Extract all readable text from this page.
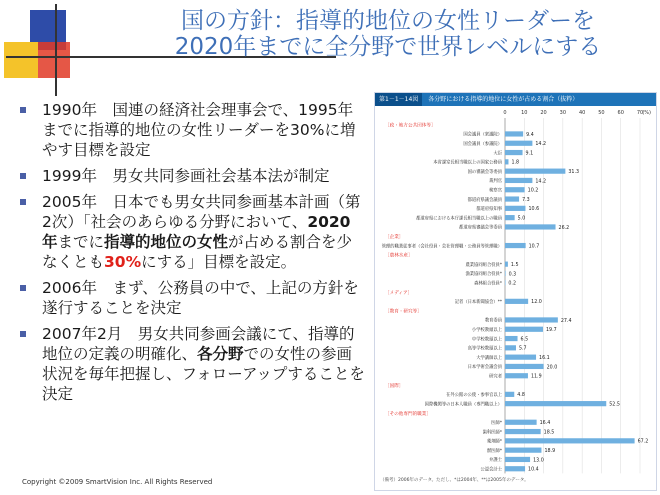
国の方針：指導的地位の女性リーダーを
2020年までに全分野で世界レベルにする
1990年　国連の経済社会理事会で、1995年までに指導的地位の女性リーダーを30%に増やす目標を設定
1999年　男女共同参画社会基本法が制定
2005年　日本でも男女共同参画基本計画（第2次）「社会のあらゆる分野において、2020年までに指導的地位の女性が占める割合を少なくとも30%にする」目標を設定。
2006年　まず、公務員の中で、上記の方針を遂行することを決定
2007年2月　男女共同参画会議にて、指導的地位の定義の明確化、各分野での女性の参画状況を毎年把握し、フォローアップすることを決定
Copyright ©2009 SmartVision Inc. All Rights Reserved
第1－1－14図 各分野における指導的地位に女性が占める割合（抜粋）
0	10	20	30	40	50	60	70 (%)
［政・地方公共団体等］
国会議員（衆議院）	9.4
国会議員（参議院）	14.2
大臣	9.1
本省課室長相当職以上の国家公務員 1.8
国の審議会等委員	31.3
裁判官	14.2
検察官	10.2
都道府県議会議員	7.3
都道府県知事	10.6
都道府県における本庁課長相当職以上の職員	5.0
都道府県審議会等委員	26.2
［企業］
管理的職業従事者（会社役員・会社管理職・公務員等管理職）	10.7
［農林水産］
農業協同組合役員* 1.5
漁業協同組合役員* 0.3
森林組合役員* 0.2
［メディア］
記者（日本新聞協会）**	12.0
［教育・研究等］
教育委員	27.4
小学校教頭以上	19.7
中学校教頭以上	6.5
高等学校教頭以上	5.7
大学講師以上	16.1
日本学術会議会員	20.0
研究者	11.9
［国際］
在外公館の公使・参事官以上	4.8
国際機関等の日本人職員（専門職以上）	52.5
［その他専門的職業］
医師*	16.4
歯科医師*	18.5
薬剤師*	67.2
獣医師*	18.9
弁護士	13.0
公認会計士	10.4
（備考）2006年のデータ。ただし、*は2004年、**は2005年のデータ。
